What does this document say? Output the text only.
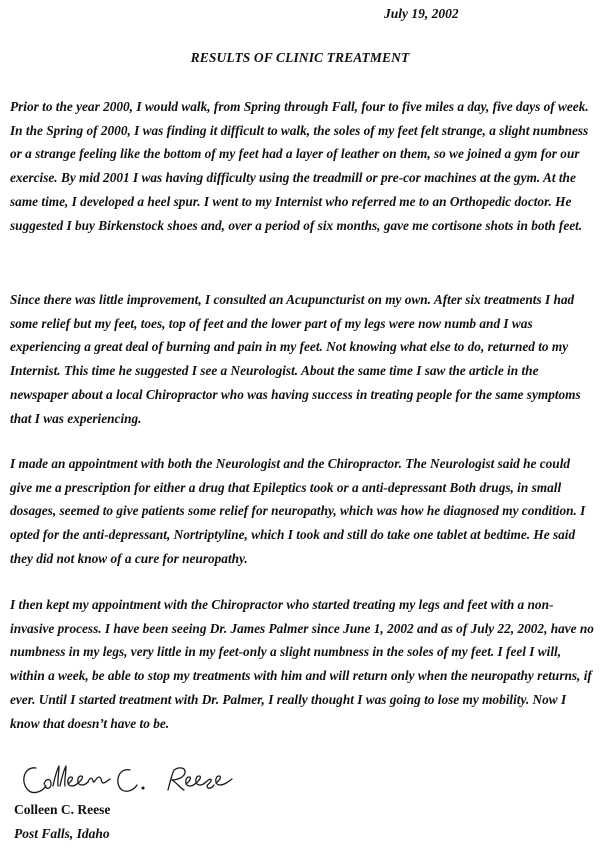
July 19, 2002

RESULTS OF CLINIC TREATMENT

Prior to the year 2000, I would walk, from Spring through Fall, four to five miles a day, five days of week. In the Spring of 2000, I was finding it difficult to walk, the soles of my feet felt strange, a slight numbness or a strange feeling like the bottom of my feet had a layer of leather on them, so we joined a gym for our exercise. By mid 2001 I was having difficulty using the treadmill or pre-cor machines at the gym. At the same time, I developed a heel spur. I went to my Internist who referred me to an Orthopedic doctor. He suggested I buy Birkenstock shoes and, over a period of six months, gave me cortisone shots in both feet.

Since there was little improvement, I consulted an Acupuncturist on my own. After six treatments I had some relief but my feet, toes, top of feet and the lower part of my legs were now numb and I was experiencing a great deal of burning and pain in my feet. Not knowing what else to do, returned to my Internist. This time he suggested I see a Neurologist. About the same time I saw the article in the newspaper about a local Chiropractor who was having success in treating people for the same symptoms that I was experiencing.

I made an appointment with both the Neurologist and the Chiropractor. The Neurologist said he could give me a prescription for either a drug that Epileptics took or a anti-depressant Both drugs, in small dosages, seemed to give patients some relief for neuropathy, which was how he diagnosed my condition. I opted for the anti-depressant, Nortriptyline, which I took and still do take one tablet at bedtime. He said they did not know of a cure for neuropathy.

I then kept my appointment with the Chiropractor who started treating my legs and feet with a non-invasive process. I have been seeing Dr. James Palmer since June 1, 2002 and as of July 22, 2002, have no numbness in my legs, very little in my feet-only a slight numbness in the soles of my feet. I feel I will, within a week, be able to stop my treatments with him and will return only when the neuropathy returns, if ever. Until I started treatment with Dr. Palmer, I really thought I was going to lose my mobility. Now I know that doesn’t have to be.

Colleen C. Reese

Post Falls, Idaho
